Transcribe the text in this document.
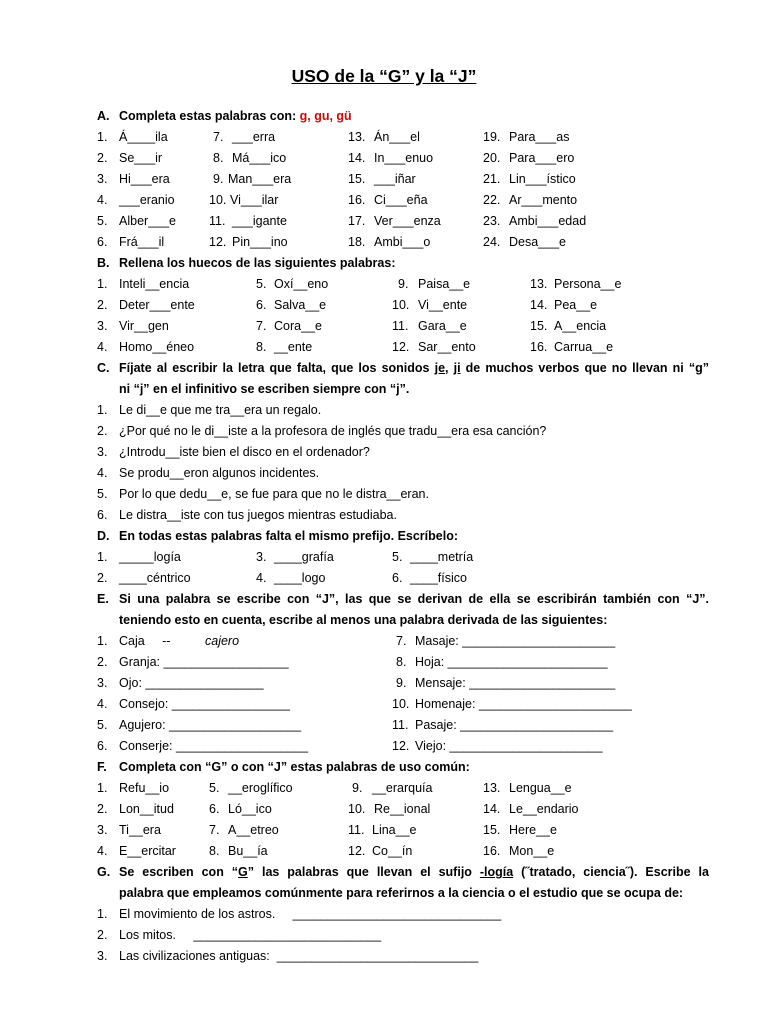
USO de la “G” y la “J”
A. Completa estas palabras con: g, gu, gü
1. Á____ila	7. ___erra	13. Án___el	19. Para___as
2. Se___ir	8. Má___ico	14. In___enuo	20. Para___ero
3. Hi___era	9. Man___era	15. ___iñar	21. Lin___ístico
4. ___eranio	10. Vi___ilar	16. Ci___eña	22. Ar___mento
5. Alber___e	11. ___igante	17. Ver___enza	23. Ambi___edad
6. Frá___il	12. Pin___ino	18. Ambi___o	24. Desa___e
B. Rellena los huecos de las siguientes palabras:
1. Inteli__encia	5. Oxí__eno	9. Paisa__e	13. Persona__e
2. Deter___ente	6. Salva__e	10. Vi__ente	14. Pea__e
3. Vir__gen	7. Cora__e	11. Gara__e	15. A__encia
4. Homo__éneo	8. __ente	12. Sar__ento	16. Carrua__e
C. Fíjate al escribir la letra que falta, que los sonidos je, ji de muchos verbos que no llevan ni “g”
ni “j” en el infinitivo se escriben siempre con “j”.
1. Le di__e que me tra__era un regalo.
2. ¿Por qué no le di__iste a la profesora de inglés que tradu__era esa canción?
3. ¿Introdu__iste bien el disco en el ordenador?
4. Se produ__eron algunos incidentes.
5. Por lo que dedu__e, se fue para que no le distra__eran.
6. Le distra__iste con tus juegos mientras estudiaba.
D. En todas estas palabras falta el mismo prefijo. Escríbelo:
1. _____logía	3. ____grafía	5. ____metría
2. ____céntrico	4. ____logo	6. ____físico
E. Si una palabra se escribe con “J”, las que se derivan de ella se escribirán también con “J”.
teniendo esto en cuenta, escribe al menos una palabra derivada de las siguientes:
1. Caja     --	cajero	7. Masaje: ______________________
2. Granja: __________________	8. Hoja: _______________________
3. Ojo: _________________	9. Mensaje: _____________________
4. Consejo: _________________	10. Homenaje: ______________________
5. Agujero: ___________________	11. Pasaje: ______________________
6. Conserje: ___________________	12. Viejo: ______________________
F. Completa con “G” o con “J” estas palabras de uso común:
1. Refu__io	5. __eroglífico	9. __erarquía	13. Lengua__e
2. Lon__itud	6. Ló__ico	10. Re__ional	14. Le__endario
3. Ti__era	7. A__etreo	11. Lina__e	15. Here__e
4. E__ercitar	8. Bu__ía	12. Co__ín	16. Mon__e
G. Se escriben con “G” las palabras que llevan el sufijo -logía (˝tratado, ciencia˝). Escribe la
palabra que empleamos comúnmente para referirnos a la ciencia o el estudio que se ocupa de:
1. El movimiento de los astros.     ______________________________
2. Los mitos.     ___________________________
3. Las civilizaciones antiguas:  _____________________________
